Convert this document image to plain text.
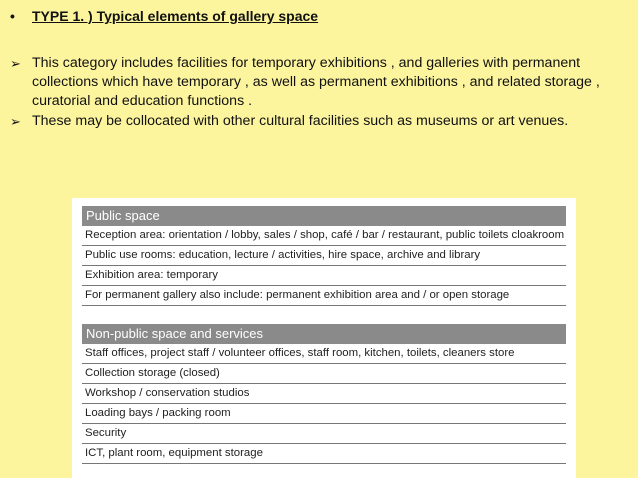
•	TYPE 1. ) Typical elements of gallery space
➢ This category includes facilities for temporary exhibitions , and galleries with permanent collections which have temporary , as well as permanent exhibitions , and related storage , curatorial and education functions .
➢ These may be collocated with other cultural facilities such as museums or art venues.
Public space
Reception area: orientation / lobby, sales / shop, café / bar / restaurant, public toilets cloakroom
Public use rooms: education, lecture / activities, hire space, archive and library
Exhibition area: temporary
For permanent gallery also include: permanent exhibition area and / or open storage
Non-public space and services
Staff offices, project staff / volunteer offices, staff room, kitchen, toilets, cleaners store
Collection storage (closed)
Workshop / conservation studios
Loading bays / packing room
Security
ICT, plant room, equipment storage
